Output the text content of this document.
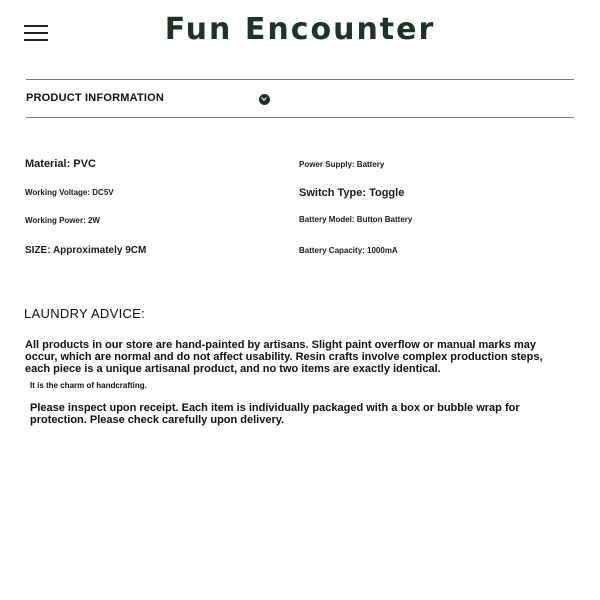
Fun Encounter
PRODUCT INFORMATION
Material: PVC	Power Supply: Battery
Working Voltage: DC5V	Switch Type: Toggle
Working Power: 2W	Battery Model: Button Battery
SIZE: Approximately 9CM	Battery Capacity: 1000mA
LAUNDRY ADVICE:
All products in our store are hand-painted by artisans. Slight paint overflow or manual marks may occur, which are normal and do not affect usability. Resin crafts involve complex production steps, each piece is a unique artisanal product, and no two items are exactly identical.
It is the charm of handcrafting.
Please inspect upon receipt. Each item is individually packaged with a box or bubble wrap for protection. Please check carefully upon delivery.
